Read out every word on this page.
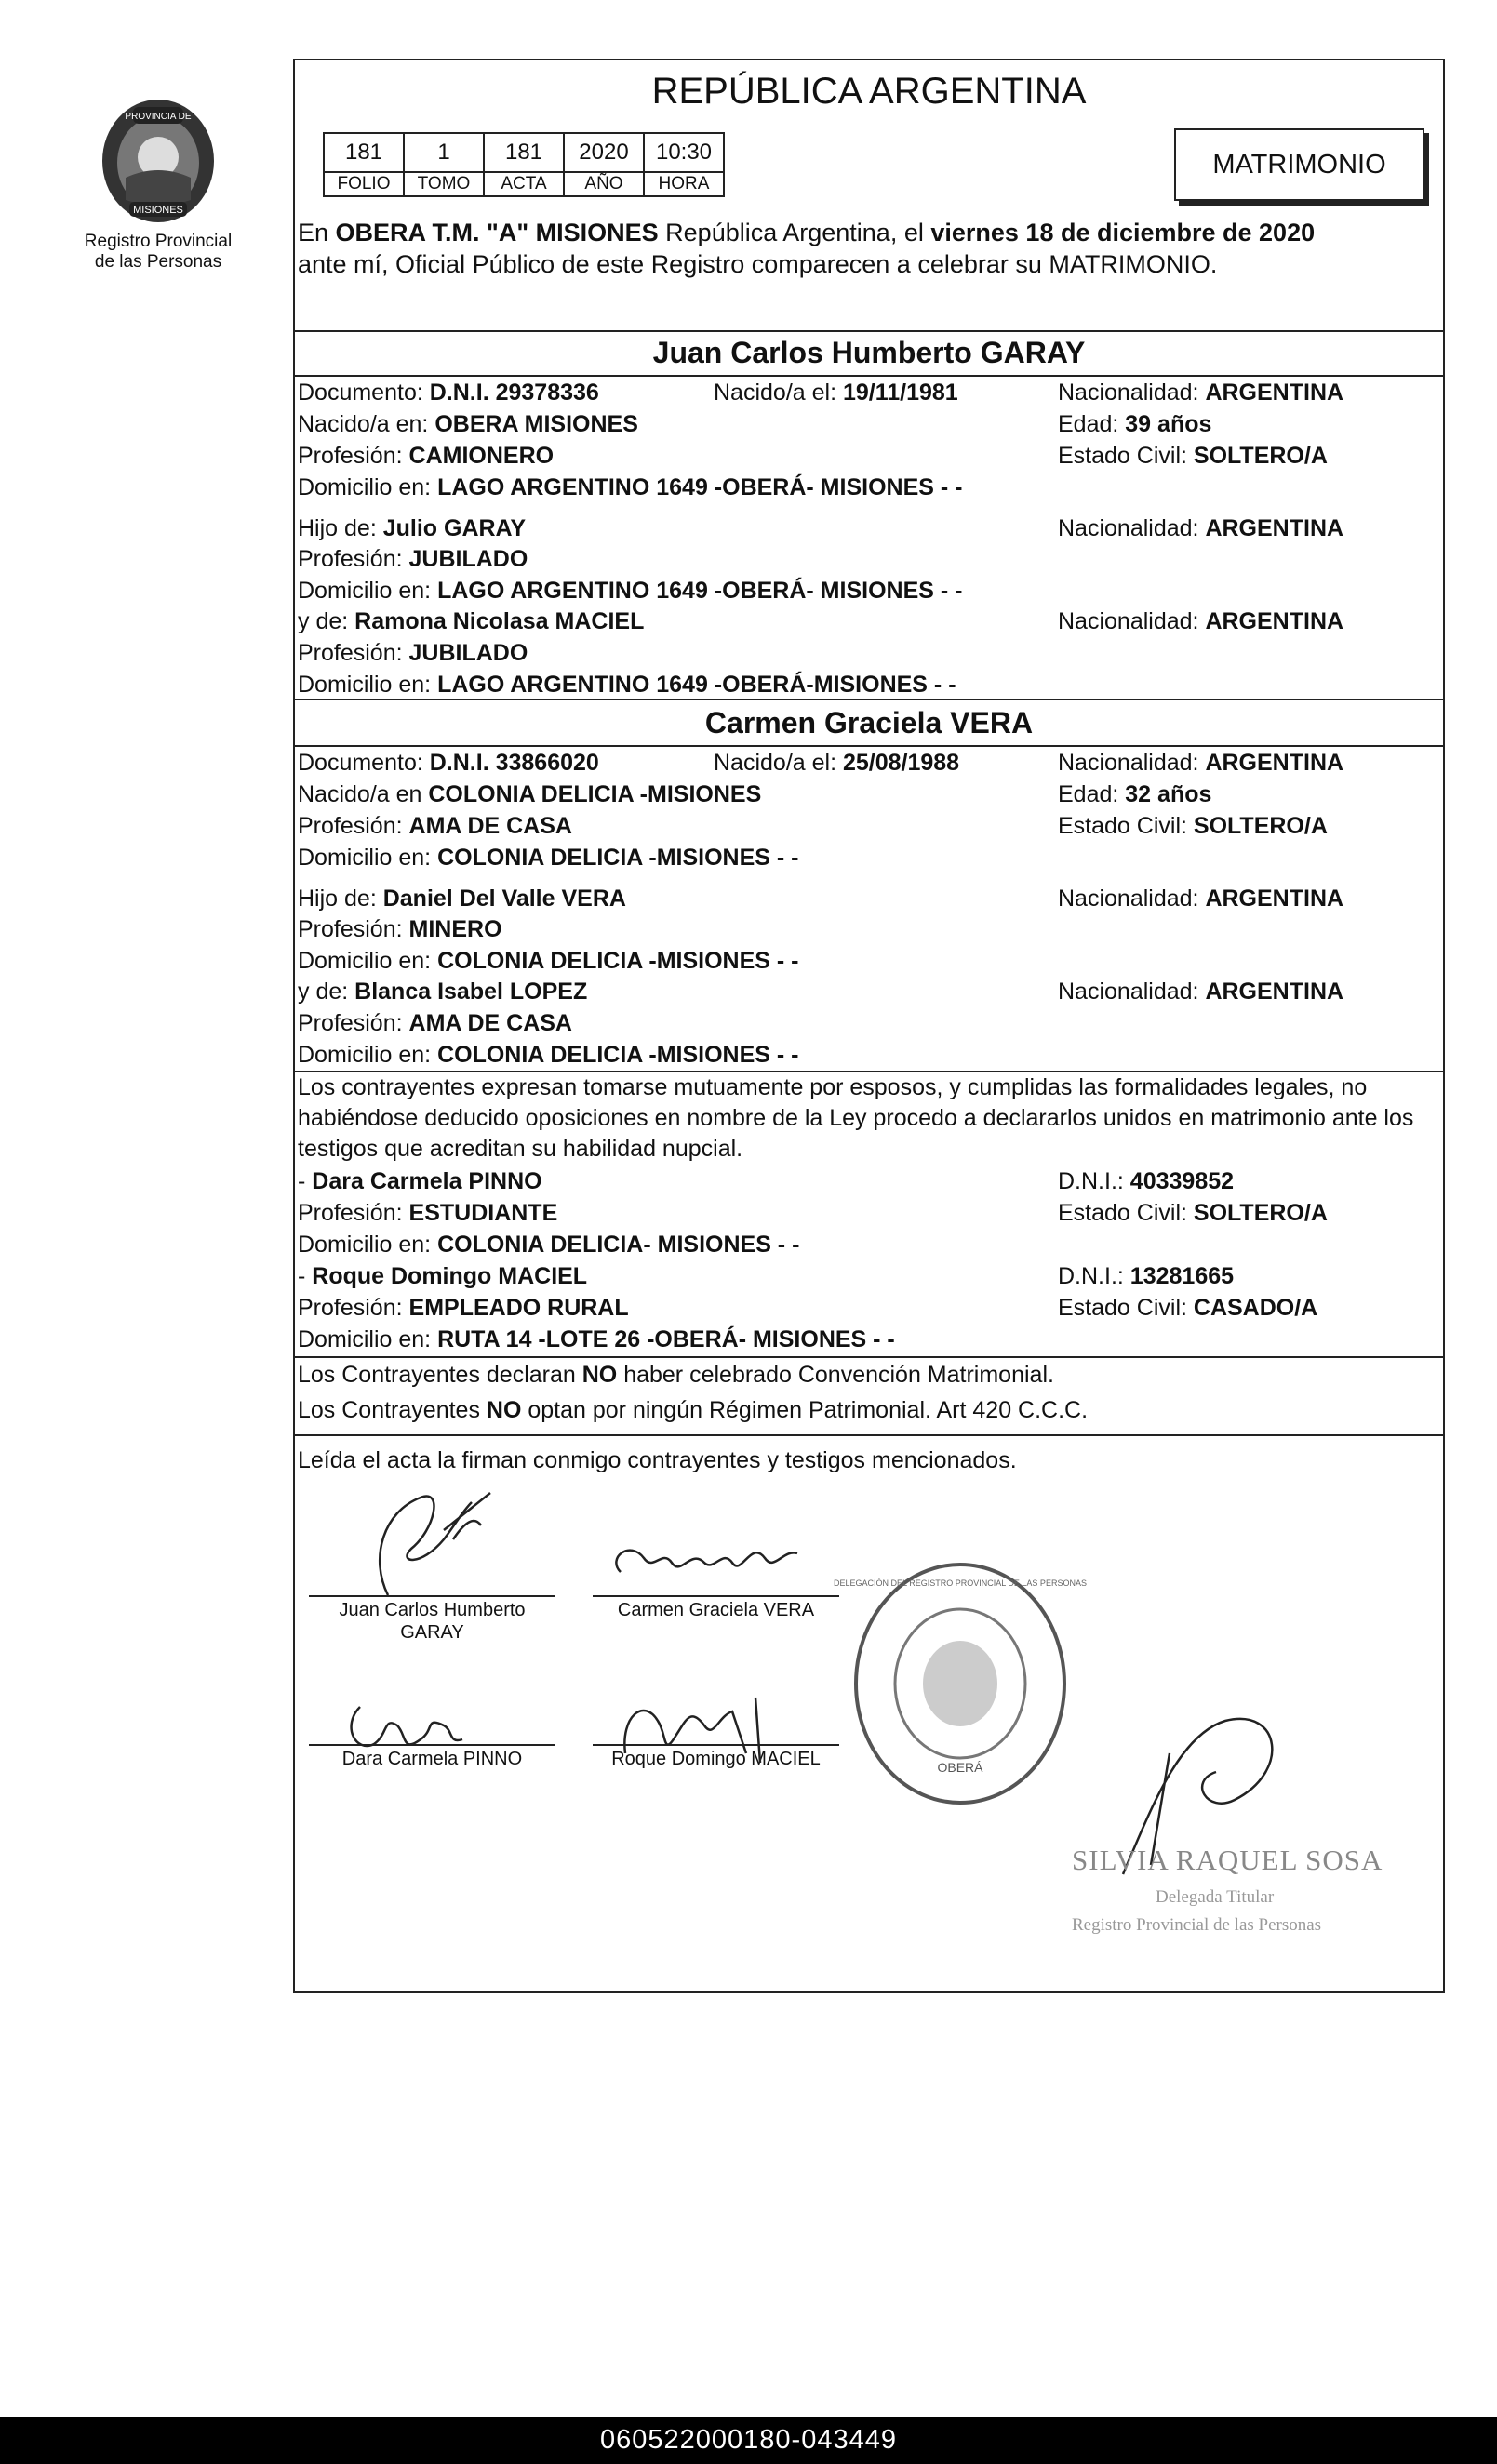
PROVINCIA DE
MISIONES
Registro Provincial
de las Personas
REPÚBLICA ARGENTINA
181	1	181	2020	10:30
FOLIO	TOMO	ACTA	AÑO	HORA
MATRIMONIO
En OBERA T.M. "A" MISIONES República Argentina, el viernes 18 de diciembre de 2020
ante mí, Oficial Público de este Registro comparecen a celebrar su MATRIMONIO.
Juan Carlos Humberto GARAY
Documento: D.N.I. 29378336	Nacido/a el: 19/11/1981	Nacionalidad: ARGENTINA
Nacido/a en: OBERA MISIONES	Edad: 39 años
Profesión: CAMIONERO	Estado Civil: SOLTERO/A
Domicilio en: LAGO ARGENTINO 1649 -OBERÁ- MISIONES - -
Hijo de: Julio GARAY	Nacionalidad: ARGENTINA
Profesión: JUBILADO
Domicilio en: LAGO ARGENTINO 1649 -OBERÁ- MISIONES - -
y de: Ramona Nicolasa MACIEL	Nacionalidad: ARGENTINA
Profesión: JUBILADO
Domicilio en: LAGO ARGENTINO 1649 -OBERÁ-MISIONES - -
Carmen Graciela VERA
Documento: D.N.I. 33866020	Nacido/a el: 25/08/1988	Nacionalidad: ARGENTINA
Nacido/a en COLONIA DELICIA -MISIONES	Edad: 32 años
Profesión: AMA DE CASA	Estado Civil: SOLTERO/A
Domicilio en: COLONIA DELICIA -MISIONES - -
Hijo de: Daniel Del Valle VERA	Nacionalidad: ARGENTINA
Profesión: MINERO
Domicilio en: COLONIA DELICIA -MISIONES - -
y de: Blanca Isabel LOPEZ	Nacionalidad: ARGENTINA
Profesión: AMA DE CASA
Domicilio en: COLONIA DELICIA -MISIONES - -
Los contrayentes expresan tomarse mutuamente por esposos, y cumplidas las formalidades legales, no habiéndose deducido oposiciones en nombre de la Ley procedo a declararlos unidos en matrimonio ante los testigos que acreditan su habilidad nupcial.
- Dara Carmela PINNO	D.N.I.: 40339852
Profesión: ESTUDIANTE	Estado Civil: SOLTERO/A
Domicilio en: COLONIA DELICIA- MISIONES - -
- Roque Domingo MACIEL	D.N.I.: 13281665
Profesión: EMPLEADO RURAL	Estado Civil: CASADO/A
Domicilio en: RUTA 14 -LOTE 26 -OBERÁ- MISIONES - -
Los Contrayentes declaran NO haber celebrado Convención Matrimonial.
Los Contrayentes NO optan por ningún Régimen Patrimonial. Art 420 C.C.C.
Leída el acta la firman conmigo contrayentes y testigos mencionados.
Juan Carlos Humberto
GARAY
Carmen Graciela VERA
Dara Carmela PINNO	Roque Domingo MACIEL	OBERÁ
DELEGACIÓN DEL REGISTRO PROVINCIAL DE LAS PERSONAS
SILVIA RAQUEL SOSA
Delegada Titular
Registro Provincial de las Personas
060522000180-043449
